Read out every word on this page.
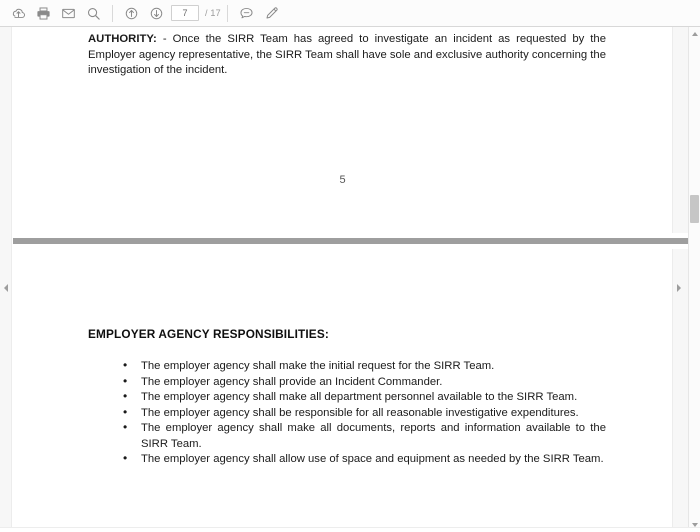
7
/ 17
AUTHORITY: - Once the SIRR Team has agreed to investigate an incident as requested by the Employer agency representative, the SIRR Team shall have sole and exclusive authority concerning the investigation of the incident.
5
EMPLOYER AGENCY RESPONSIBILITIES:
• The employer agency shall make the initial request for the SIRR Team.
• The employer agency shall provide an Incident Commander.
• The employer agency shall make all department personnel available to the SIRR Team.
• The employer agency shall be responsible for all reasonable investigative expenditures.
• The employer agency shall make all documents, reports and information available to the SIRR Team.
• The employer agency shall allow use of space and equipment as needed by the SIRR Team.
